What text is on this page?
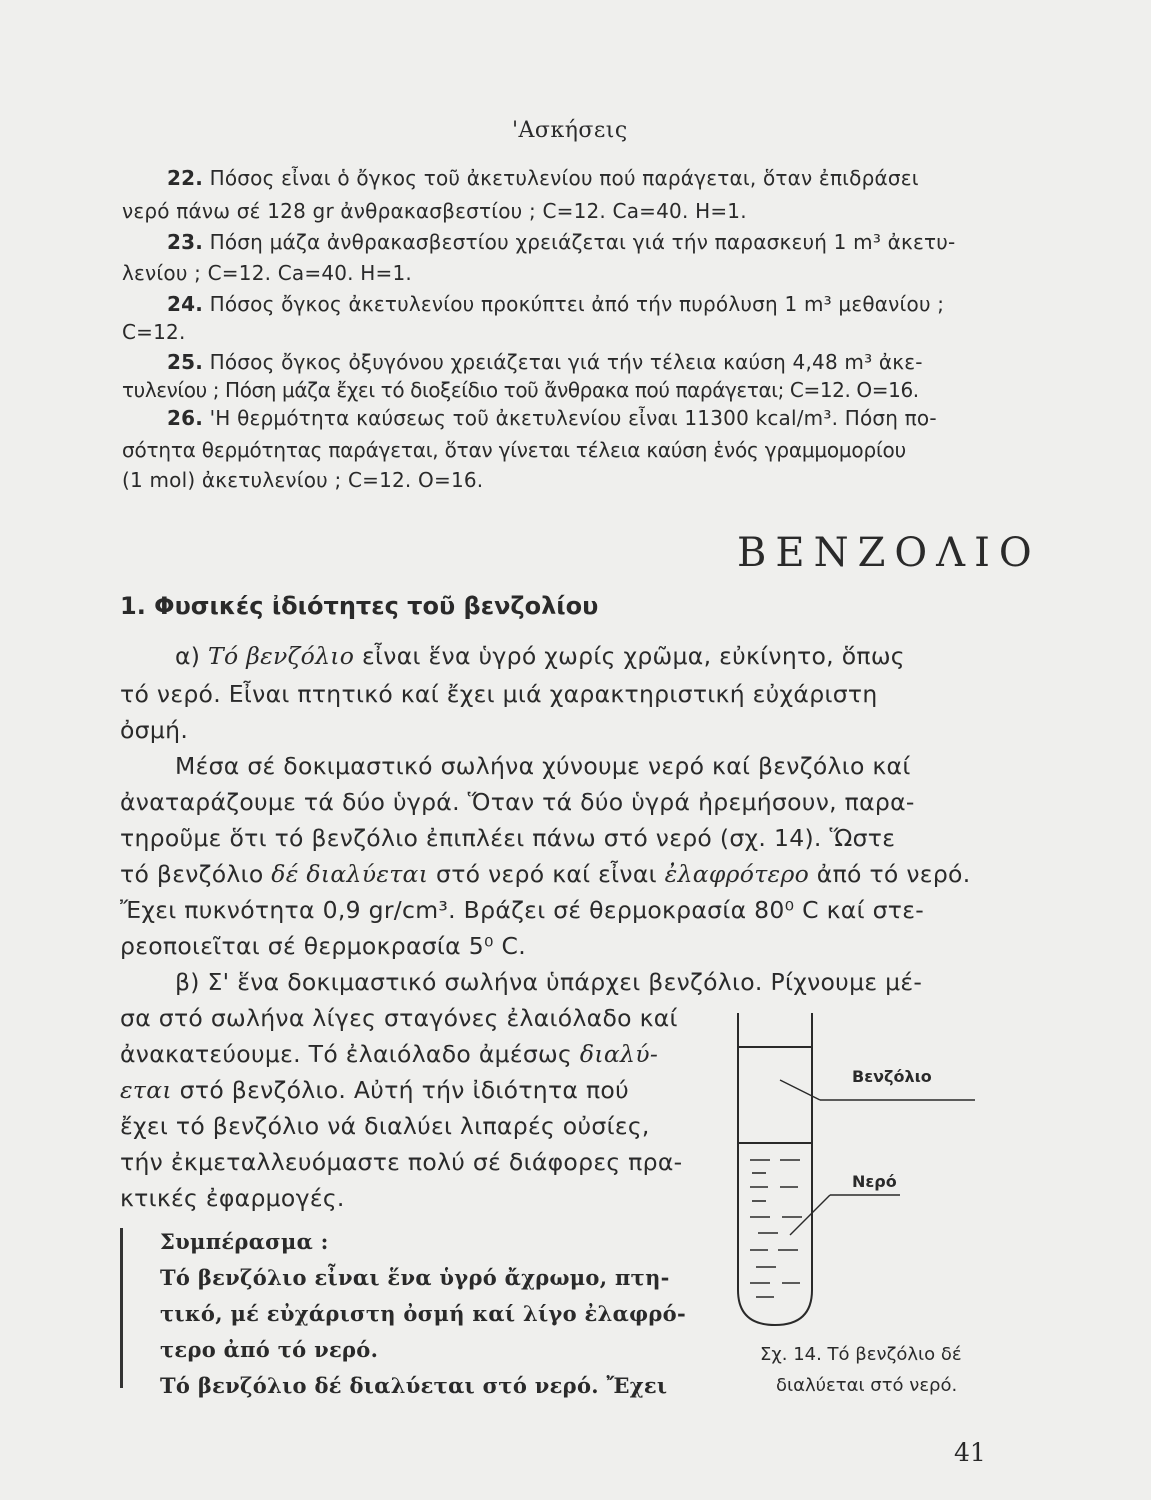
'Ασκήσεις
22. Πόσος εἶναι ὁ ὄγκος τοῦ ἀκετυλενίου πού παράγεται, ὅταν ἐπιδράσει
νερό πάνω σέ 128 gr ἀνθρακασβεστίου ; C=12. Ca=40. H=1.
23. Πόση μάζα ἀνθρακασβεστίου χρειάζεται γιά τήν παρασκευή 1 m³ ἀκετυ-
λενίου ; C=12. Ca=40. H=1.
24. Πόσος ὄγκος ἀκετυλενίου προκύπτει ἀπό τήν πυρόλυση 1 m³ μεθανίου ;
C=12.
25. Πόσος ὄγκος ὀξυγόνου χρειάζεται γιά τήν τέλεια καύση 4,48 m³ ἀκε-
τυλενίου ; Πόση μάζα ἔχει τό διοξείδιο τοῦ ἄνθρακα πού παράγεται; C=12. O=16.
26. 'Η θερμότητα καύσεως τοῦ ἀκετυλενίου εἶναι 11300 kcal/m³. Πόση πο-
σότητα θερμότητας παράγεται, ὅταν γίνεται τέλεια καύση ἑνός γραμμομορίου
(1 mol) ἀκετυλενίου ; C=12. O=16.
ΒΕΝΖΟΛΙΟ
1. Φυσικές ἰδιότητες τοῦ βενζολίου
α) Τό βενζόλιο εἶναι ἕνα ὑγρό χωρίς χρῶμα, εὐκίνητο, ὅπως
τό νερό. Εἶναι πτητικό καί ἔχει μιά χαρακτηριστική εὐχάριστη
ὀσμή.
Μέσα σέ δοκιμαστικό σωλήνα χύνουμε νερό καί βενζόλιο καί
ἀναταράζουμε τά δύο ὑγρά. Ὅταν τά δύο ὑγρά ἠρεμήσουν, παρα-
τηροῦμε ὅτι τό βενζόλιο ἐπιπλέει πάνω στό νερό (σχ. 14). Ὥστε
τό βενζόλιο δέ διαλύεται στό νερό καί εἶναι ἐλαφρότερο ἀπό τό νερό.
Ἔχει πυκνότητα 0,9 gr/cm³. Βράζει σέ θερμοκρασία 80⁰ C καί στε-
ρεοποιεῖται σέ θερμοκρασία 5⁰ C.
β) Σ' ἕνα δοκιμαστικό σωλήνα ὑπάρχει βενζόλιο. Ρίχνουμε μέ-
σα στό σωλήνα λίγες σταγόνες ἐλαιόλαδο καί
ἀνακατεύουμε. Τό ἐλαιόλαδο ἀμέσως διαλύ-
εται στό βενζόλιο. Αὐτή τήν ἰδιότητα πού
ἔχει τό βενζόλιο νά διαλύει λιπαρές οὐσίες,
τήν ἐκμεταλλευόμαστε πολύ σέ διάφορες πρα-
κτικές ἐφαρμογές.
Συμπέρασμα :
Τό βενζόλιο εἶναι ἕνα ὑγρό ἄχρωμο, πτη-
τικό, μέ εὐχάριστη ὀσμή καί λίγο ἐλαφρό-
τερο ἀπό τό νερό.
Τό βενζόλιο δέ διαλύεται στό νερό. Ἔχει
Βενζόλιο
Νερό
Σχ. 14. Τό βενζόλιο δέ
διαλύεται στό νερό.
41
